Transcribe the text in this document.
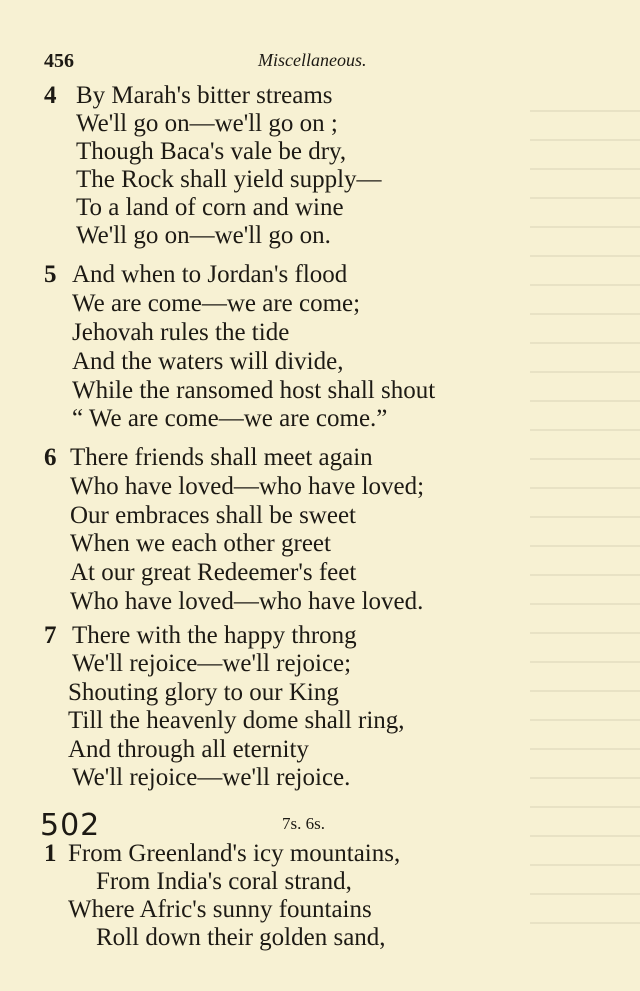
456	Miscellaneous.
4 By Marah's bitter streams
We'll go on—we'll go on ;
Though Baca's vale be dry,
The Rock shall yield supply—
To a land of corn and wine
We'll go on—we'll go on.
5 And when to Jordan's flood
We are come—we are come;
Jehovah rules the tide
And the waters will divide,
While the ransomed host shall shout
“ We are come—we are come.”
6 There friends shall meet again
Who have loved—who have loved;
Our embraces shall be sweet
When we each other greet
At our great Redeemer's feet
Who have loved—who have loved.
7 There with the happy throng
We'll rejoice—we'll rejoice;
Shouting glory to our King
Till the heavenly dome shall ring,
And through all eternity
We'll rejoice—we'll rejoice.
502	7s. 6s.
1 From Greenland's icy mountains,
From India's coral strand,
Where Afric's sunny fountains
Roll down their golden sand,
